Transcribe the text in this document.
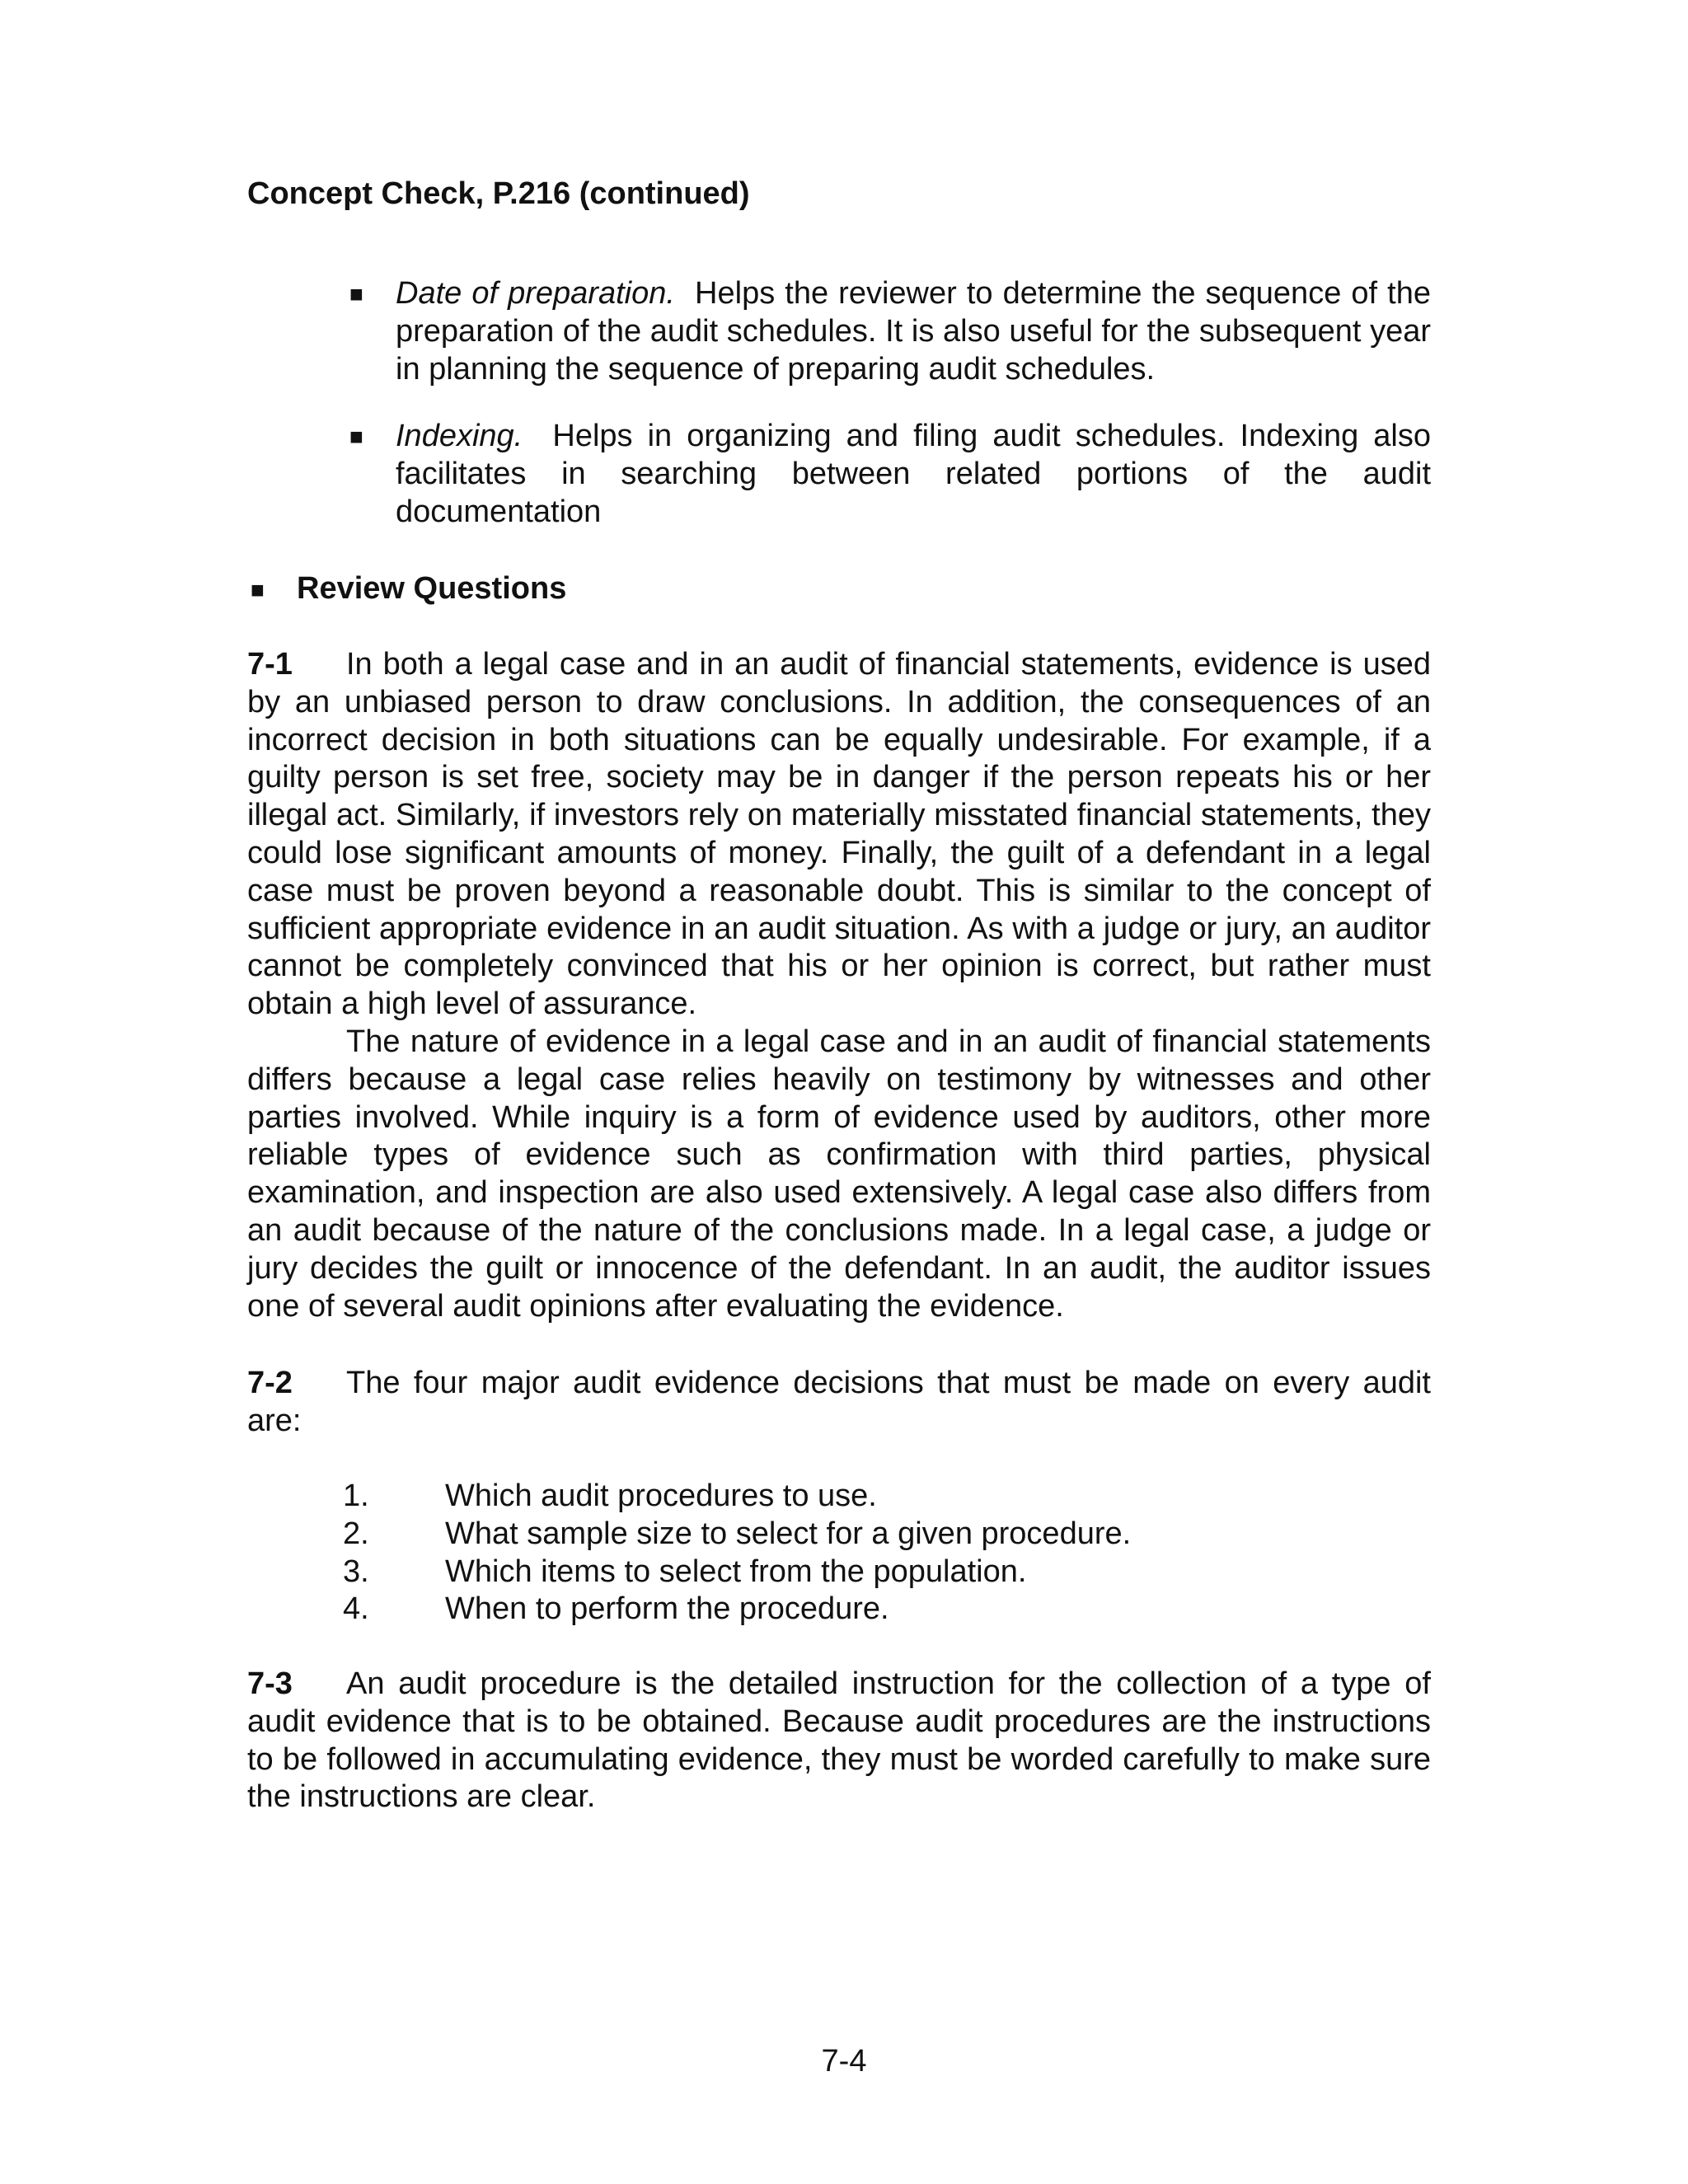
Concept Check, P.216 (continued)
■ Date of preparation. Helps the reviewer to determine the sequence of the preparation of the audit schedules. It is also useful for the subsequent year in planning the sequence of preparing audit schedules.
■ Indexing. Helps in organizing and filing audit schedules. Indexing also facilitates in searching between related portions of the audit documentation
■ Review Questions
7-1 In both a legal case and in an audit of financial statements, evidence is used by an unbiased person to draw conclusions. In addition, the consequences of an incorrect decision in both situations can be equally undesirable. For example, if a guilty person is set free, society may be in danger if the person repeats his or her illegal act. Similarly, if investors rely on materially misstated financial statements, they could lose significant amounts of money. Finally, the guilt of a defendant in a legal case must be proven beyond a reasonable doubt. This is similar to the concept of sufficient appropriate evidence in an audit situation. As with a judge or jury, an auditor cannot be completely convinced that his or her opinion is correct, but rather must obtain a high level of assurance.
The nature of evidence in a legal case and in an audit of financial statements differs because a legal case relies heavily on testimony by witnesses and other parties involved. While inquiry is a form of evidence used by auditors, other more reliable types of evidence such as confirmation with third parties, physical examination, and inspection are also used extensively. A legal case also differs from an audit because of the nature of the conclusions made. In a legal case, a judge or jury decides the guilt or innocence of the defendant. In an audit, the auditor issues one of several audit opinions after evaluating the evidence.
7-2 The four major audit evidence decisions that must be made on every audit are:
1. Which audit procedures to use.
2. What sample size to select for a given procedure.
3. Which items to select from the population.
4. When to perform the procedure.
7-3 An audit procedure is the detailed instruction for the collection of a type of audit evidence that is to be obtained. Because audit procedures are the instructions to be followed in accumulating evidence, they must be worded carefully to make sure the instructions are clear.
7-4
